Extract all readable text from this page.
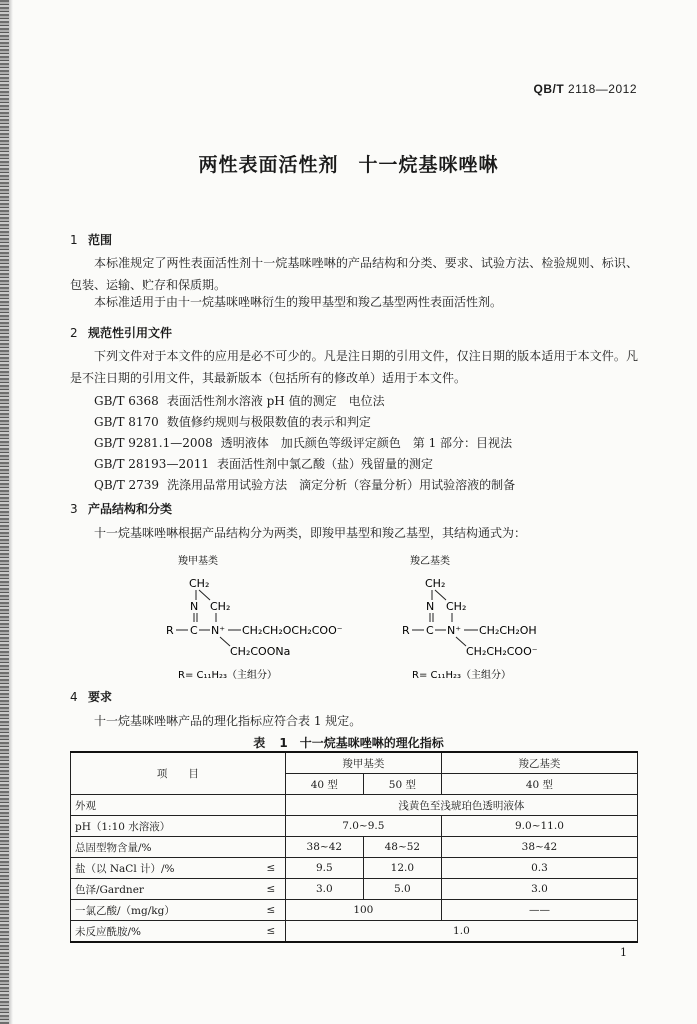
QB/T 2118—2012
两性表面活性剂　十一烷基咪唑啉
1 范围
本标准规定了两性表面活性剂十一烷基咪唑啉的产品结构和分类、要求、试验方法、检验规则、标识、包装、运输、贮存和保质期。
本标准适用于由十一烷基咪唑啉衍生的羧甲基型和羧乙基型两性表面活性剂。
2 规范性引用文件
下列文件对于本文件的应用是必不可少的。凡是注日期的引用文件，仅注日期的版本适用于本文件。凡是不注日期的引用文件，其最新版本（包括所有的修改单）适用于本文件。
GB/T 6368 表面活性剂水溶液 pH 值的测定　电位法
GB/T 8170 数值修约规则与极限数值的表示和判定
GB/T 9281.1—2008 透明液体　加氏颜色等级评定颜色　第 1 部分：目视法
GB/T 28193—2011 表面活性剂中氯乙酸（盐）残留量的测定
QB/T 2739 洗涤用品常用试验方法　滴定分析（容量分析）用试验溶液的制备
3 产品结构和分类
十一烷基咪唑啉根据产品结构分为两类，即羧甲基型和羧乙基型，其结构通式为：
羧甲基类
CH₂
N CH₂
R C N⁺ CH₂CH₂OCH₂COO⁻
CH₂COONa
R= C₁₁H₂₃（主组分）
羧乙基类
CH₂
N CH₂
R C N⁺ CH₂CH₂OH
CH₂CH₂COO⁻
R= C₁₁H₂₃（主组分）
4 要求
十一烷基咪唑啉产品的理化指标应符合表 1 规定。
表 1　十一烷基咪唑啉的理化指标
项　　目		羧甲基类		羧乙基类
		40 型	50 型	40 型
外观		浅黄色至浅琥珀色透明液体		
pH（1:10 水溶液）		7.0~9.5		9.0~11.0
总固型物含量/%		38~42	48~52	38~42
盐（以 NaCl 计）/%	≤	9.5	12.0	0.3
色泽/Gardner	≤	3.0	5.0	3.0
一氯乙酸/（mg/kg）	≤	100		——
未反应酰胺/%	≤	1.0		
1
